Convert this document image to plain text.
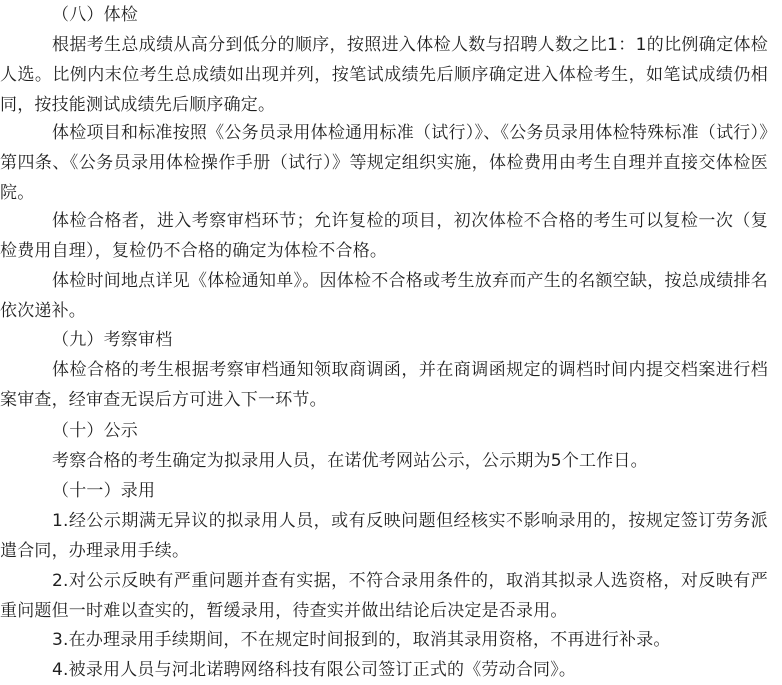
（八）体检

根据考生总成绩从高分到低分的顺序，按照进入体检人数与招聘人数之比1：1的比例确定体检人选。比例内末位考生总成绩如出现并列，按笔试成绩先后顺序确定进入体检考生，如笔试成绩仍相同，按技能测试成绩先后顺序确定。

体检项目和标准按照《公务员录用体检通用标准（试行）》、《公务员录用体检特殊标准（试行）》第四条、《公务员录用体检操作手册（试行）》等规定组织实施，体检费用由考生自理并直接交体检医院。

体检合格者，进入考察审档环节；允许复检的项目，初次体检不合格的考生可以复检一次（复检费用自理），复检仍不合格的确定为体检不合格。

体检时间地点详见《体检通知单》。因体检不合格或考生放弃而产生的名额空缺，按总成绩排名依次递补。

（九）考察审档

体检合格的考生根据考察审档通知领取商调函，并在商调函规定的调档时间内提交档案进行档案审查，经审查无误后方可进入下一环节。

（十）公示

考察合格的考生确定为拟录用人员，在诺优考网站公示，公示期为5个工作日。

（十一）录用

1.经公示期满无异议的拟录用人员，或有反映问题但经核实不影响录用的，按规定签订劳务派遣合同，办理录用手续。

2.对公示反映有严重问题并查有实据，不符合录用条件的，取消其拟录人选资格，对反映有严重问题但一时难以查实的，暂缓录用，待查实并做出结论后决定是否录用。

3.在办理录用手续期间，不在规定时间报到的，取消其录用资格，不再进行补录。

4.被录用人员与河北诺聘网络科技有限公司签订正式的《劳动合同》。
